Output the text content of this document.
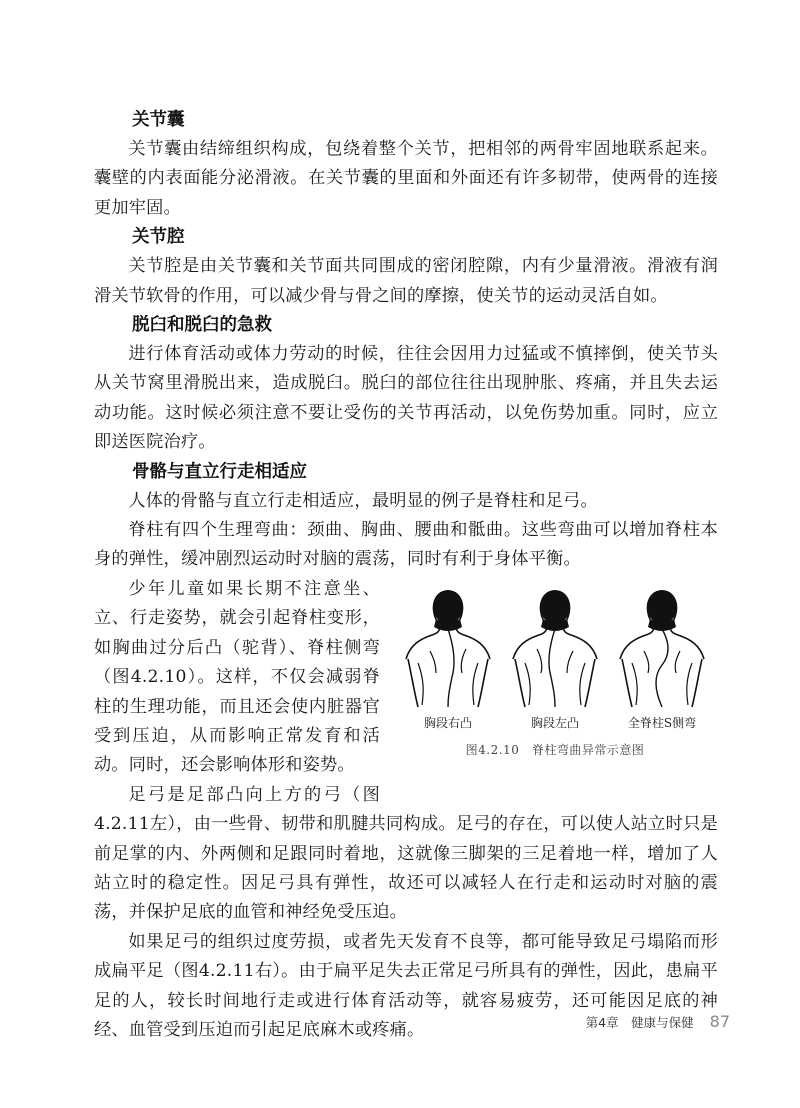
关节囊

关节囊由结缔组织构成，包绕着整个关节，把相邻的两骨牢固地联系起来。囊壁的内表面能分泌滑液。在关节囊的里面和外面还有许多韧带，使两骨的连接更加牢固。

关节腔

关节腔是由关节囊和关节面共同围成的密闭腔隙，内有少量滑液。滑液有润滑关节软骨的作用，可以减少骨与骨之间的摩擦，使关节的运动灵活自如。

脱臼和脱臼的急救

进行体育活动或体力劳动的时候，往往会因用力过猛或不慎摔倒，使关节头从关节窝里滑脱出来，造成脱臼。脱臼的部位往往出现肿胀、疼痛，并且失去运动功能。这时候必须注意不要让受伤的关节再活动，以免伤势加重。同时，应立即送医院治疗。

骨骼与直立行走相适应

人体的骨骼与直立行走相适应，最明显的例子是脊柱和足弓。

脊柱有四个生理弯曲：颈曲、胸曲、腰曲和骶曲。这些弯曲可以增加脊柱本身的弹性，缓冲剧烈运动时对脑的震荡，同时有利于身体平衡。

胸段右凸	胸段左凸	全脊柱S侧弯
图4.2.10　脊柱弯曲异常示意图

少年儿童如果长期不注意坐、立、行走姿势，就会引起脊柱变形，如胸曲过分后凸（驼背）、脊柱侧弯（图4.2.10）。这样，不仅会减弱脊柱的生理功能，而且还会使内脏器官受到压迫，从而影响正常发育和活动。同时，还会影响体形和姿势。

足弓是足部凸向上方的弓（图4.2.11左），由一些骨、韧带和肌腱共同构成。足弓的存在，可以使人站立时只是前足掌的内、外两侧和足跟同时着地，这就像三脚架的三足着地一样，增加了人站立时的稳定性。因足弓具有弹性，故还可以减轻人在行走和运动时对脑的震荡，并保护足底的血管和神经免受压迫。

如果足弓的组织过度劳损，或者先天发育不良等，都可能导致足弓塌陷而形成扁平足（图4.2.11右）。由于扁平足失去正常足弓所具有的弹性，因此，患扁平足的人，较长时间地行走或进行体育活动等，就容易疲劳，还可能因足底的神经、血管受到压迫而引起足底麻木或疼痛。	第4章　健康与保健 87
